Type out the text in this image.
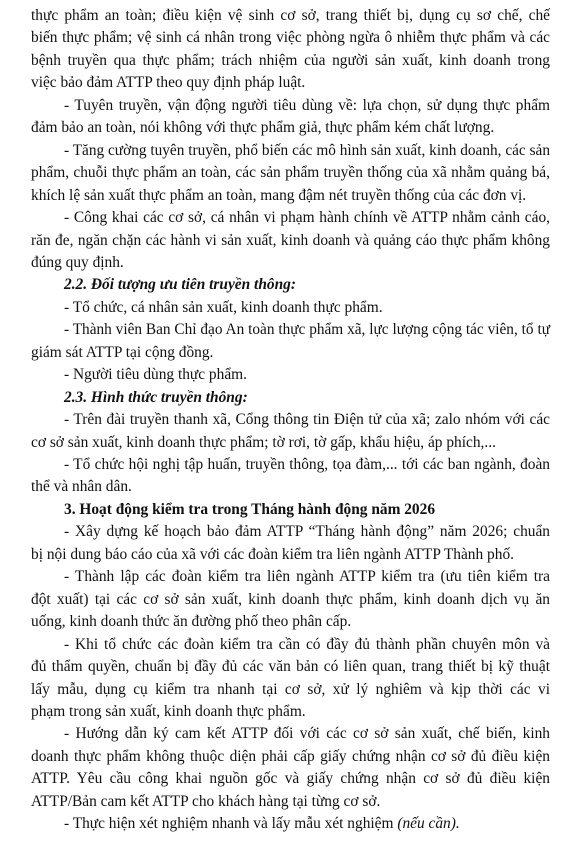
thực phẩm an toàn; điều kiện vệ sinh cơ sở, trang thiết bị, dụng cụ sơ chế, chế
biến thực phẩm; vệ sinh cá nhân trong việc phòng ngừa ô nhiễm thực phẩm và các
bệnh truyền qua thực phẩm; trách nhiệm của người sản xuất, kinh doanh trong
việc bảo đảm ATTP theo quy định pháp luật.
- Tuyên truyền, vận động người tiêu dùng về: lựa chọn, sử dụng thực phẩm
đảm bảo an toàn, nói không với thực phẩm giả, thực phẩm kém chất lượng.
- Tăng cường tuyên truyền, phổ biến các mô hình sản xuất, kinh doanh, các sản
phẩm, chuỗi thực phẩm an toàn, các sản phẩm truyền thống của xã nhằm quảng bá,
khích lệ sản xuất thực phẩm an toàn, mang đậm nét truyền thống của các đơn vị.
- Công khai các cơ sở, cá nhân vi phạm hành chính về ATTP nhằm cảnh cáo,
răn đe, ngăn chặn các hành vi sản xuất, kinh doanh và quảng cáo thực phẩm không
đúng quy định.
2.2. Đối tượng ưu tiên truyền thông:
- Tổ chức, cá nhân sản xuất, kinh doanh thực phẩm.
- Thành viên Ban Chỉ đạo An toàn thực phẩm xã, lực lượng cộng tác viên, tổ tự
giám sát ATTP tại cộng đồng.
- Người tiêu dùng thực phẩm.
2.3. Hình thức truyền thông:
- Trên đài truyền thanh xã, Cổng thông tin Điện tử của xã; zalo nhóm với các
cơ sở sản xuất, kinh doanh thực phẩm; tờ rơi, tờ gấp, khẩu hiệu, áp phích,...
- Tổ chức hội nghị tập huấn, truyền thông, tọa đàm,... tới các ban ngành, đoàn
thể và nhân dân.
3. Hoạt động kiểm tra trong Tháng hành động năm 2026
- Xây dựng kế hoạch bảo đảm ATTP “Tháng hành động” năm 2026; chuẩn
bị nội dung báo cáo của xã với các đoàn kiểm tra liên ngành ATTP Thành phố.
- Thành lập các đoàn kiểm tra liên ngành ATTP kiểm tra (ưu tiên kiểm tra
đột xuất) tại các cơ sở sản xuất, kinh doanh thực phẩm, kinh doanh dịch vụ ăn
uống, kinh doanh thức ăn đường phố theo phân cấp.
- Khi tổ chức các đoàn kiểm tra cần có đầy đủ thành phần chuyên môn và
đủ thẩm quyền, chuẩn bị đầy đủ các văn bản có liên quan, trang thiết bị kỹ thuật
lấy mẫu, dụng cụ kiểm tra nhanh tại cơ sở, xử lý nghiêm và kịp thời các vi
phạm trong sản xuất, kinh doanh thực phẩm.
- Hướng dẫn ký cam kết ATTP đối với các cơ sở sản xuất, chế biến, kinh
doanh thực phẩm không thuộc diện phải cấp giấy chứng nhận cơ sở đủ điều kiện
ATTP. Yêu cầu công khai nguồn gốc và giấy chứng nhận cơ sở đủ điều kiện
ATTP/Bản cam kết ATTP cho khách hàng tại từng cơ sở.
- Thực hiện xét nghiệm nhanh và lấy mẫu xét nghiệm (nếu cần).
